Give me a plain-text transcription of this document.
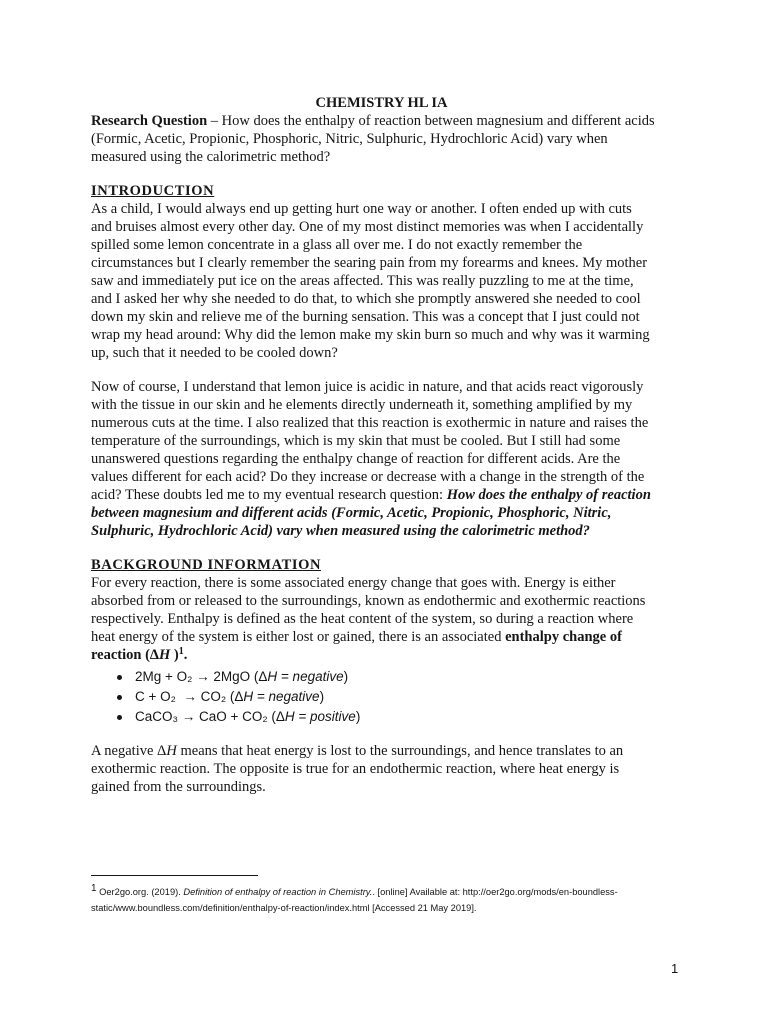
CHEMISTRY HL IA
Research Question – How does the enthalpy of reaction between magnesium and different acids
(Formic, Acetic, Propionic, Phosphoric, Nitric, Sulphuric, Hydrochloric Acid) vary when
measured using the calorimetric method?
INTRODUCTION
As a child, I would always end up getting hurt one way or another. I often ended up with cuts
and bruises almost every other day. One of my most distinct memories was when I accidentally
spilled some lemon concentrate in a glass all over me. I do not exactly remember the
circumstances but I clearly remember the searing pain from my forearms and knees. My mother
saw and immediately put ice on the areas affected. This was really puzzling to me at the time,
and I asked her why she needed to do that, to which she promptly answered she needed to cool
down my skin and relieve me of the burning sensation. This was a concept that I just could not
wrap my head around: Why did the lemon make my skin burn so much and why was it warming
up, such that it needed to be cooled down?
Now of course, I understand that lemon juice is acidic in nature, and that acids react vigorously
with the tissue in our skin and he elements directly underneath it, something amplified by my
numerous cuts at the time. I also realized that this reaction is exothermic in nature and raises the
temperature of the surroundings, which is my skin that must be cooled. But I still had some
unanswered questions regarding the enthalpy change of reaction for different acids. Are the
values different for each acid? Do they increase or decrease with a change in the strength of the
acid? These doubts led me to my eventual research question: How does the enthalpy of reaction
between magnesium and different acids (Formic, Acetic, Propionic, Phosphoric, Nitric,
Sulphuric, Hydrochloric Acid) vary when measured using the calorimetric method?
BACKGROUND INFORMATION
For every reaction, there is some associated energy change that goes with. Energy is either
absorbed from or released to the surroundings, known as endothermic and exothermic reactions
respectively. Enthalpy is defined as the heat content of the system, so during a reaction where
heat energy of the system is either lost or gained, there is an associated enthalpy change of
reaction (ΔH )$^1$.
2Mg + O₂ → 2MgO (ΔH = negative)
C + O₂  → CO₂ (ΔH = negative)
CaCO₃ → CaO + CO₂ (ΔH = positive)
A negative ΔH means that heat energy is lost to the surroundings, and hence translates to an
exothermic reaction. The opposite is true for an endothermic reaction, where heat energy is
gained from the surroundings.
1 Oer2go.org. (2019). Definition of enthalpy of reaction in Chemistry.. [online] Available at: http://oer2go.org/mods/en-boundless-
static/www.boundless.com/definition/enthalpy-of-reaction/index.html [Accessed 21 May 2019].
1
